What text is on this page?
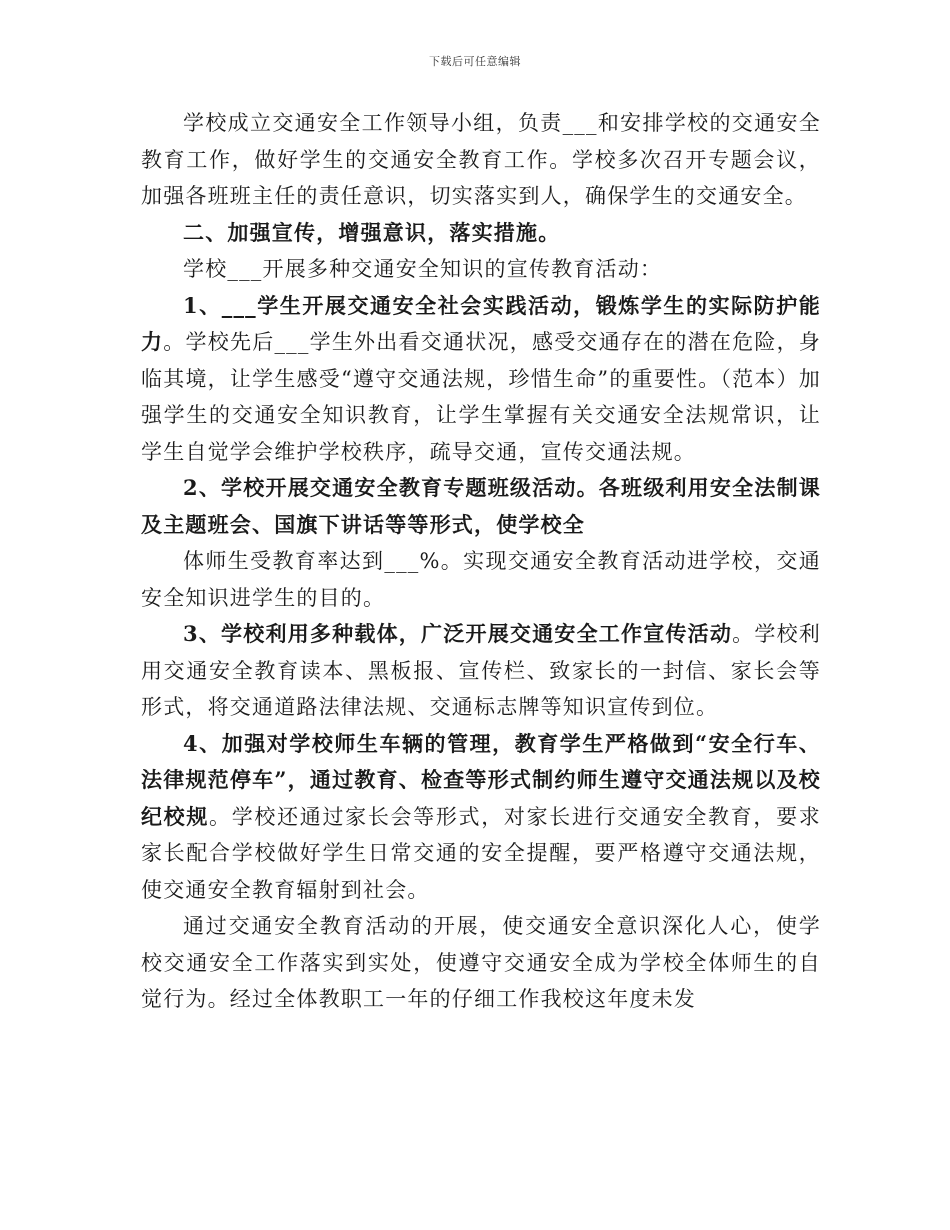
下载后可任意编辑

学校成立交通安全工作领导小组，负责___和安排学校的交通安全教育工作，做好学生的交通安全教育工作。学校多次召开专题会议，加强各班班主任的责任意识，切实落实到人，确保学生的交通安全。

二、加强宣传，增强意识，落实措施。

学校___开展多种交通安全知识的宣传教育活动：

1、___学生开展交通安全社会实践活动，锻炼学生的实际防护能力。学校先后___学生外出看交通状况，感受交通存在的潜在危险，身临其境，让学生感受“遵守交通法规，珍惜生命”的重要性。（范本）加强学生的交通安全知识教育，让学生掌握有关交通安全法规常识，让学生自觉学会维护学校秩序，疏导交通，宣传交通法规。

2、学校开展交通安全教育专题班级活动。各班级利用安全法制课及主题班会、国旗下讲话等等形式，使学校全

体师生受教育率达到___%。实现交通安全教育活动进学校，交通安全知识进学生的目的。

3、学校利用多种载体，广泛开展交通安全工作宣传活动。学校利用交通安全教育读本、黑板报、宣传栏、致家长的一封信、家长会等形式，将交通道路法律法规、交通标志牌等知识宣传到位。

4、加强对学校师生车辆的管理，教育学生严格做到“安全行车、法律规范停车”，通过教育、检查等形式制约师生遵守交通法规以及校纪校规。学校还通过家长会等形式，对家长进行交通安全教育，要求家长配合学校做好学生日常交通的安全提醒，要严格遵守交通法规，使交通安全教育辐射到社会。

通过交通安全教育活动的开展，使交通安全意识深化人心，使学校交通安全工作落实到实处，使遵守交通安全成为学校全体师生的自觉行为。经过全体教职工一年的仔细工作我校这年度未发
